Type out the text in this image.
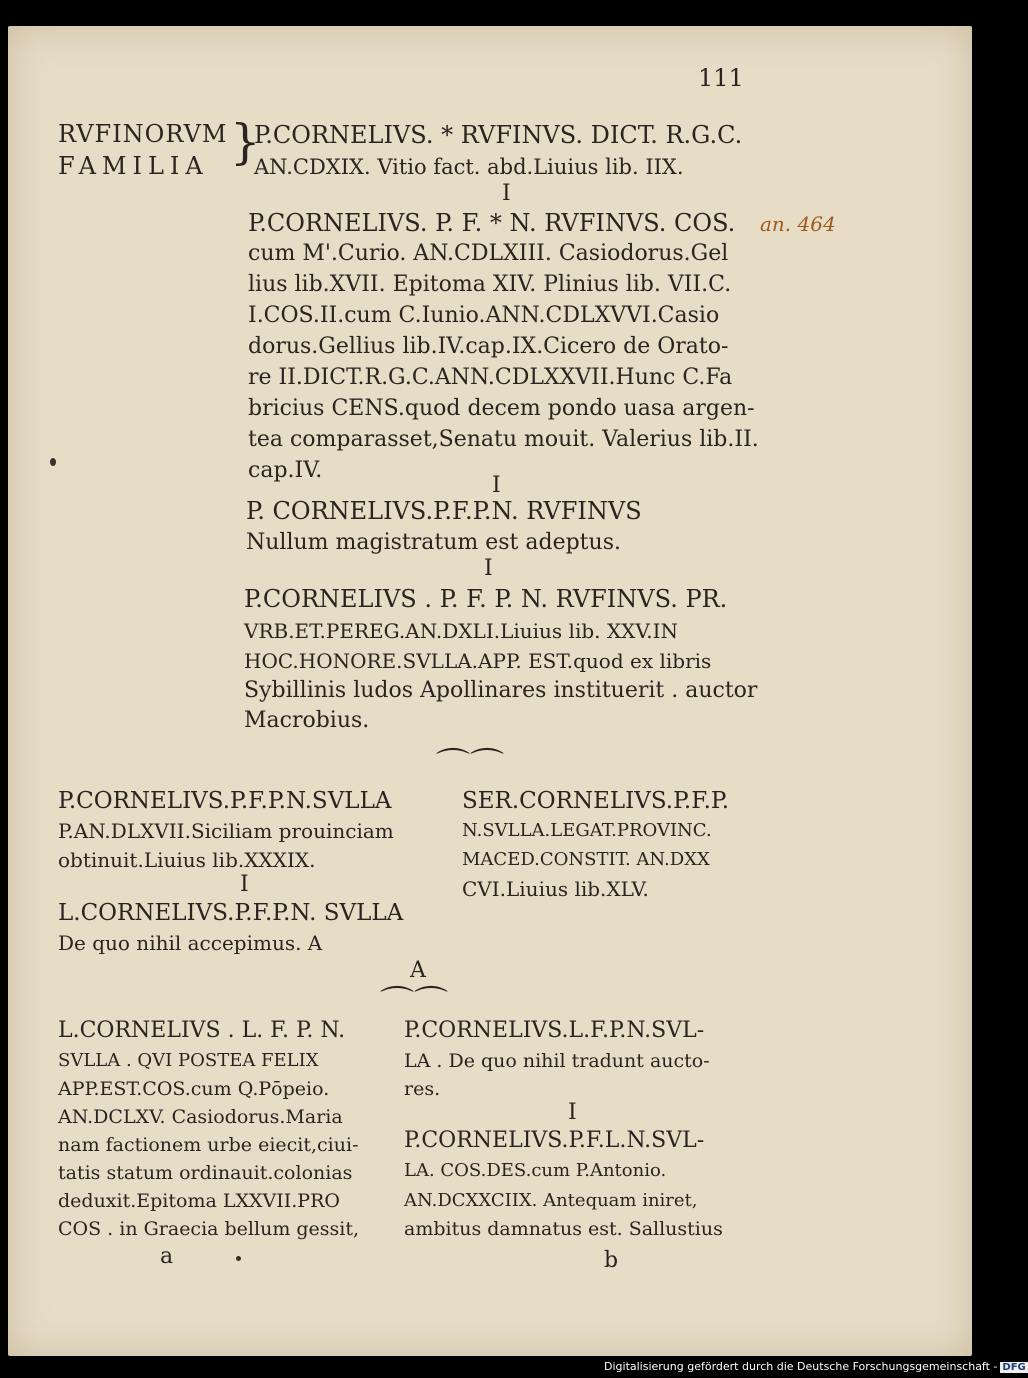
111
RVFINORVM
FAMILIA }
P.CORNELIVS. * RVFINVS. DICT. R.G.C.
AN.CDXIX. Vitio fact. abd.Liuius lib. IIX.
I
P.CORNELIVS. P. F. * N. RVFINVS. COS.
cum M'.Curio. AN.CDLXIII. Casiodorus.Gel
lius lib.XVII. Epitoma XIV. Plinius lib. VII.C.
I.COS.II.cum C.Iunio.ANN.CDLXVVI.Casio
dorus.Gellius lib.IV.cap.IX.Cicero de Orato-
re II.DICT.R.G.C.ANN.CDLXXVII.Hunc C.Fa
bricius CENS.quod decem pondo uasa argen-
tea comparasset,Senatu mouit. Valerius lib.II.
cap.IV.
an. 464
I
P. CORNELIVS.P.F.P.N. RVFINVS
Nullum magistratum est adeptus.
I
P.CORNELIVS . P. F. P. N. RVFINVS. PR.
VRB.ET.PEREG.AN.DXLI.Liuius lib. XXV.IN
HOC.HONORE.SVLLA.APP. EST.quod ex libris
Sybillinis ludos Apollinares instituerit . auctor
Macrobius.
⌒⌒
P.CORNELIVS.P.F.P.N.SVLLA
P.AN.DLXVII.Siciliam prouinciam
obtinuit.Liuius lib.XXXIX.
I
L.CORNELIVS.P.F.P.N. SVLLA
De quo nihil accepimus. A
SER.CORNELIVS.P.F.P.
N.SVLLA.LEGAT.PROVINC.
MACED.CONSTIT. AN.DXX
CVI.Liuius lib.XLV.
A
⌒⌒
L.CORNELIVS . L. F. P. N.
SVLLA . QVI POSTEA FELIX
APP.EST.COS.cum Q.Pōpeio.
AN.DCLXV. Casiodorus.Maria
nam factionem urbe eiecit,ciui-
tatis statum ordinauit.colonias
deduxit.Epitoma LXXVII.PRO
COS . in Graecia bellum gessit,
P.CORNELIVS.L.F.P.N.SVL-
LA . De quo nihil tradunt aucto-
res.
I
P.CORNELIVS.P.F.L.N.SVL-
LA. COS.DES.cum P.Antonio.
AN.DCXXCIIX. Antequam iniret,
ambitus damnatus est. Sallustius
a	b
Digitalisierung gefördert durch die Deutsche Forschungsgemeinschaft - DFG
